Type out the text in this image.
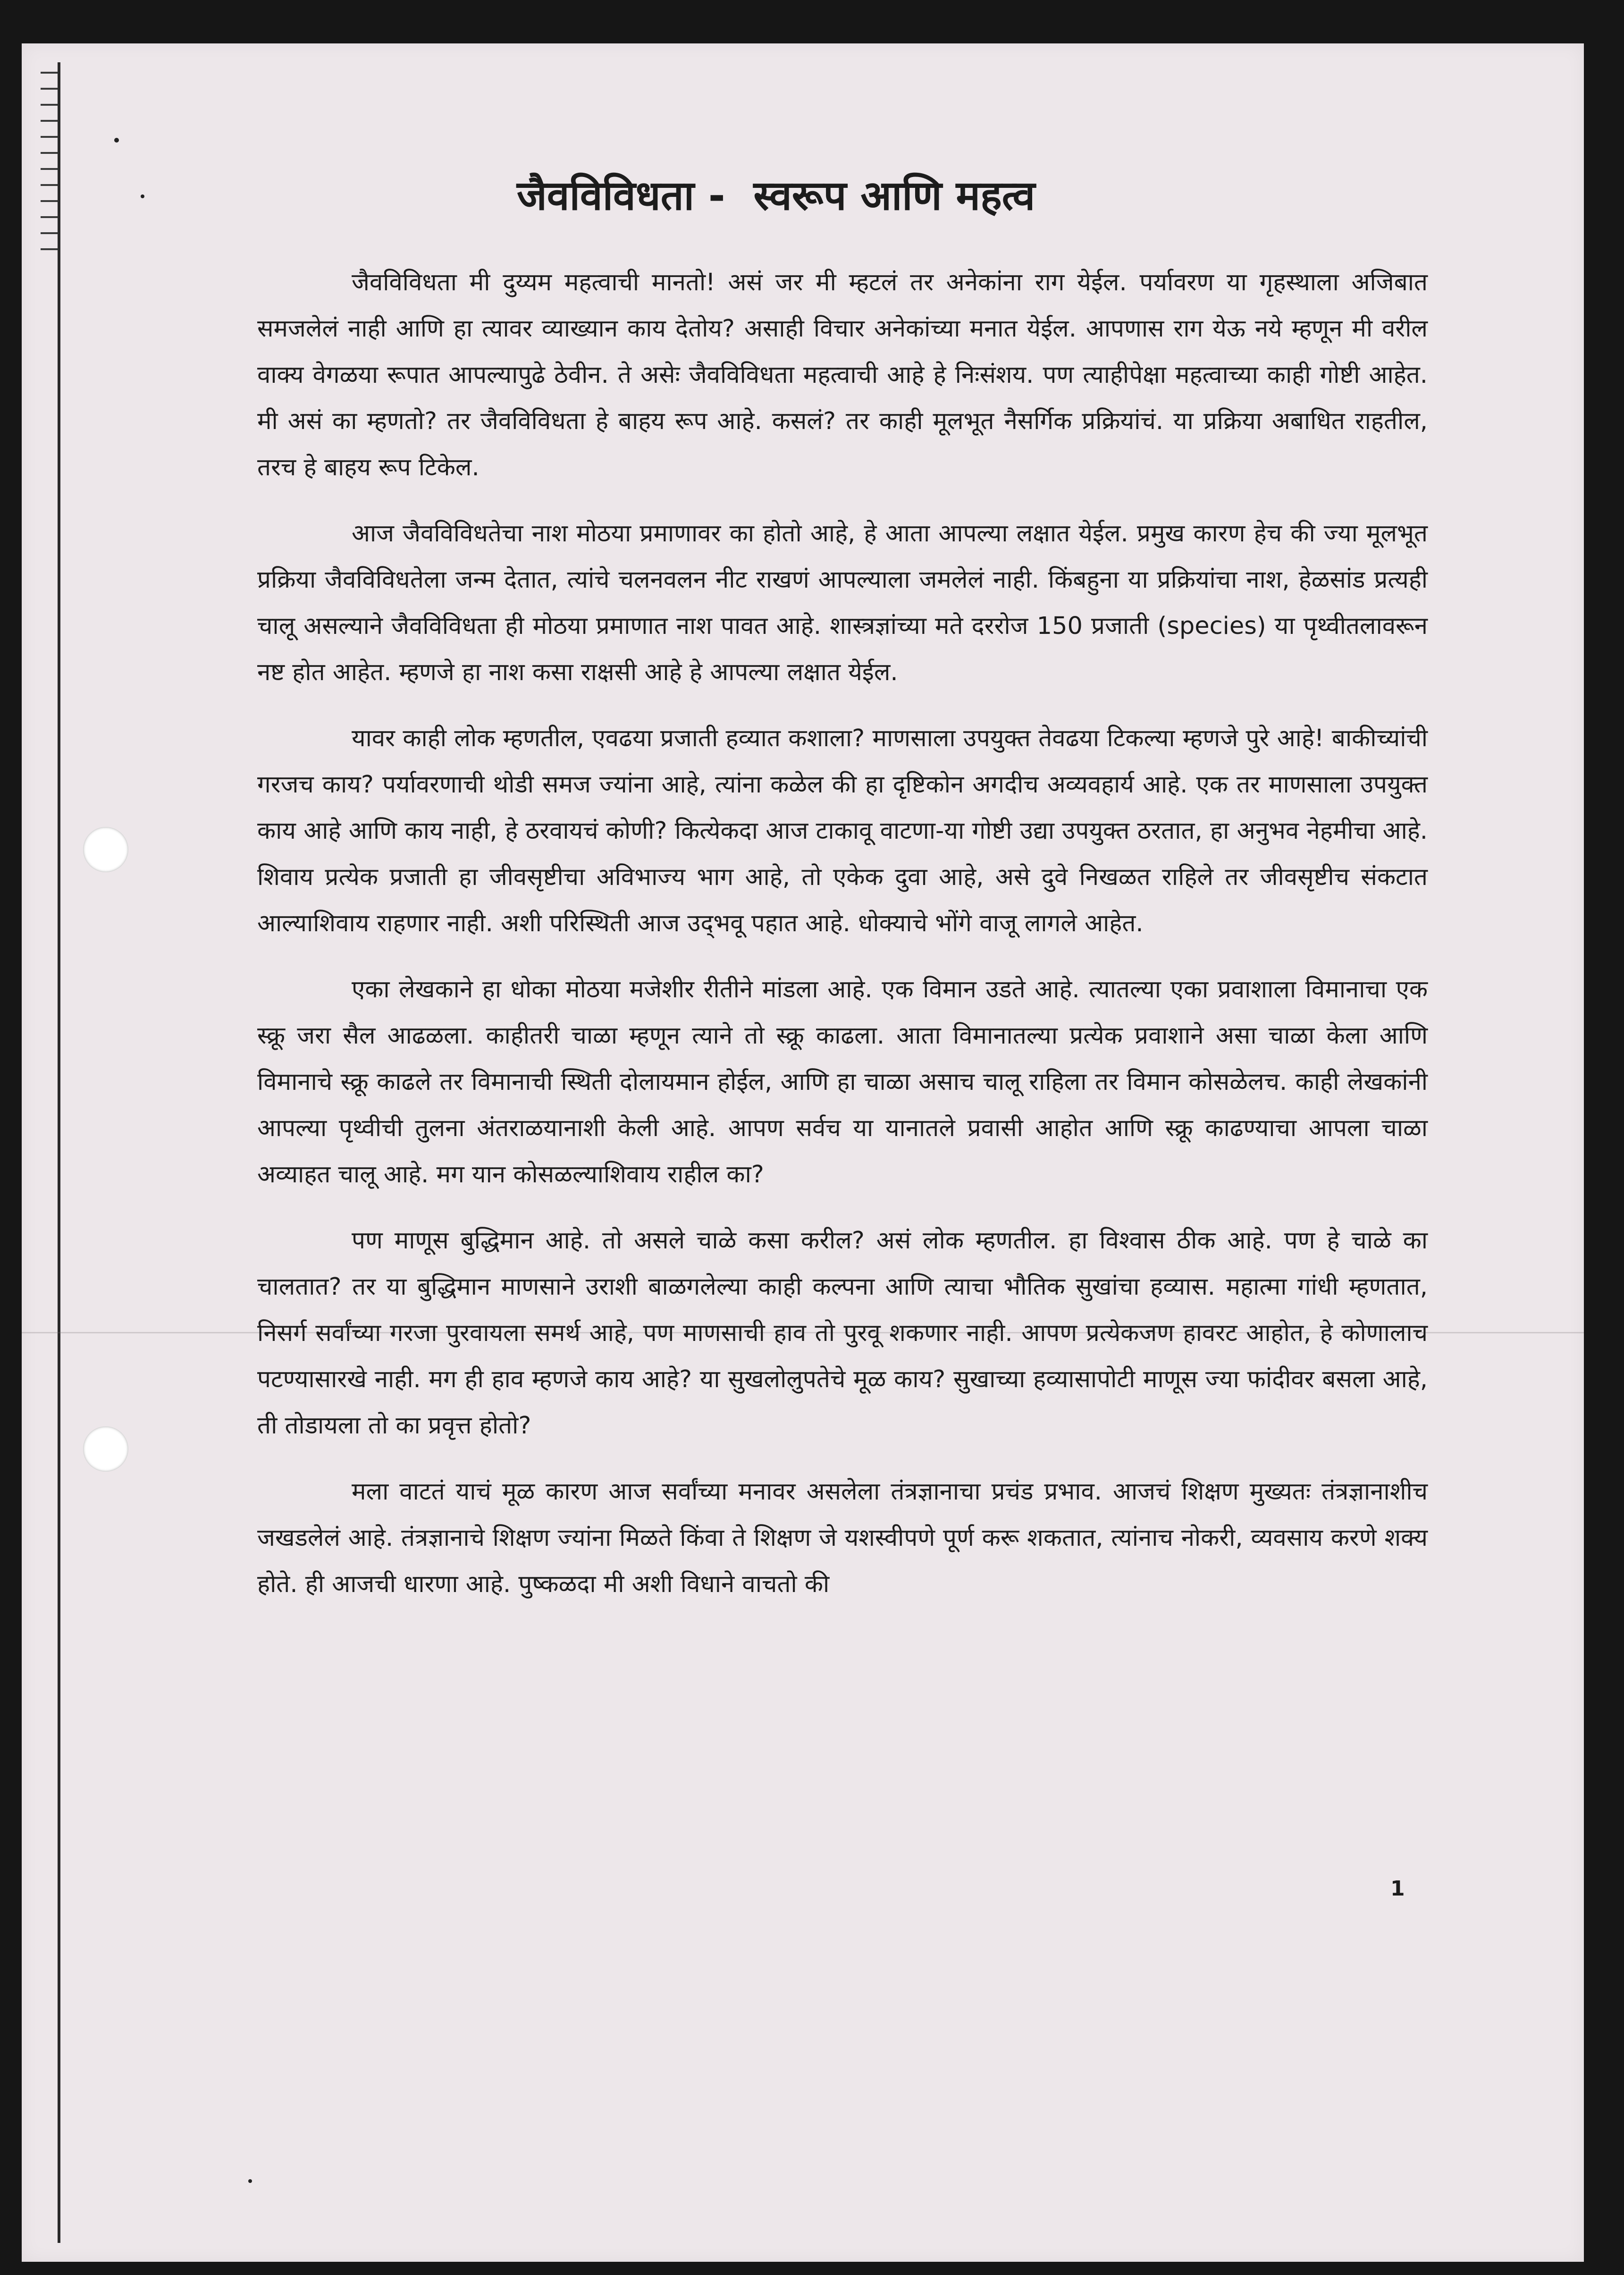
1
जैवविविधता -  स्वरूप आणि महत्व

जैवविविधता मी दुय्यम महत्वाची मानतो! असं जर मी म्हटलं तर अनेकांना राग येईल. पर्यावरण या गृहस्थाला अजिबात समजलेलं नाही आणि हा त्यावर व्याख्यान काय देतोय? असाही विचार अनेकांच्या मनात येईल. आपणास राग येऊ नये म्हणून मी वरील वाक्य वेगळया रूपात आपल्यापुढे ठेवीन. ते असेः जैवविविधता महत्वाची आहे हे निःसंशय. पण त्याहीपेक्षा महत्वाच्या काही गोष्टी आहेत. मी असं का म्हणतो? तर जैवविविधता हे बाहय रूप आहे. कसलं? तर काही मूलभूत नैसर्गिक प्रक्रियांचं. या प्रक्रिया अबाधित राहतील, तरच हे बाहय रूप टिकेल.

आज जैवविविधतेचा नाश मोठया प्रमाणावर का होतो आहे, हे आता आपल्या लक्षात येईल. प्रमुख कारण हेच की ज्या मूलभूत प्रक्रिया जैवविविधतेला जन्म देतात, त्यांचे चलनवलन नीट राखणं आपल्याला जमलेलं नाही. किंबहुना या प्रक्रियांचा नाश, हेळसांड प्रत्यही चालू असल्याने जैवविविधता ही मोठया प्रमाणात नाश पावत आहे. शास्त्रज्ञांच्या मते दररोज 150 प्रजाती (species) या पृथ्वीतलावरून नष्ट होत आहेत. म्हणजे हा नाश कसा राक्षसी आहे हे आपल्या लक्षात येईल.

यावर काही लोक म्हणतील, एवढया प्रजाती हव्यात कशाला? माणसाला उपयुक्त तेवढया टिकल्या म्हणजे पुरे आहे! बाकीच्यांची गरजच काय? पर्यावरणाची थोडी समज ज्यांना आहे, त्यांना कळेल की हा दृष्टिकोन अगदीच अव्यवहार्य आहे. एक तर माणसाला उपयुक्त काय आहे आणि काय नाही, हे ठरवायचं कोणी? कित्येकदा आज टाकावू वाटणा-या गोष्टी उद्या उपयुक्त ठरतात, हा अनुभव नेहमीचा आहे. शिवाय प्रत्येक प्रजाती हा जीवसृष्टीचा अविभाज्य भाग आहे, तो एकेक दुवा आहे, असे दुवे निखळत राहिले तर जीवसृष्टीच संकटात आल्याशिवाय राहणार नाही. अशी परिस्थिती आज उद्‌भवू पहात आहे. धोक्याचे भोंगे वाजू लागले आहेत.

एका लेखकाने हा धोका मोठया मजेशीर रीतीने मांडला आहे. एक विमान उडते आहे. त्यातल्या एका प्रवाशाला विमानाचा एक स्क्रू जरा सैल आढळला. काहीतरी चाळा म्हणून त्याने तो स्क्रू काढला. आता विमानातल्या प्रत्येक प्रवाशाने असा चाळा केला आणि विमानाचे स्क्रू काढले तर विमानाची स्थिती दोलायमान होईल, आणि हा चाळा असाच चालू राहिला तर विमान कोसळेलच. काही लेखकांनी आपल्या पृथ्वीची तुलना अंतराळयानाशी केली आहे. आपण सर्वच या यानातले प्रवासी आहोत आणि स्क्रू काढण्याचा आपला चाळा अव्याहत चालू आहे. मग यान कोसळल्याशिवाय राहील का?

पण माणूस बुद्धिमान आहे. तो असले चाळे कसा करील? असं लोक म्हणतील. हा विश्वास ठीक आहे. पण हे चाळे का चालतात? तर या बुद्धिमान माणसाने उराशी बाळगलेल्या काही कल्पना आणि त्याचा भौतिक सुखांचा हव्यास. महात्मा गांधी म्हणतात, निसर्ग सर्वांच्या गरजा पुरवायला समर्थ आहे, पण माणसाची हाव तो पुरवू शकणार नाही. आपण प्रत्येकजण हावरट आहोत, हे कोणालाच पटण्यासारखे नाही. मग ही हाव म्हणजे काय आहे? या सुखलोलुपतेचे मूळ काय? सुखाच्या हव्यासापोटी माणूस ज्या फांदीवर बसला आहे, ती तोडायला तो का प्रवृत्त होतो?

मला वाटतं याचं मूळ कारण आज सर्वांच्या मनावर असलेला तंत्रज्ञानाचा प्रचंड प्रभाव. आजचं शिक्षण मुख्यतः तंत्रज्ञानाशीच जखडलेलं आहे. तंत्रज्ञानाचे शिक्षण ज्यांना मिळते किंवा ते शिक्षण जे यशस्वीपणे पूर्ण करू शकतात, त्यांनाच नोकरी, व्यवसाय करणे शक्य होते. ही आजची धारणा आहे. पुष्कळदा मी अशी विधाने वाचतो की
